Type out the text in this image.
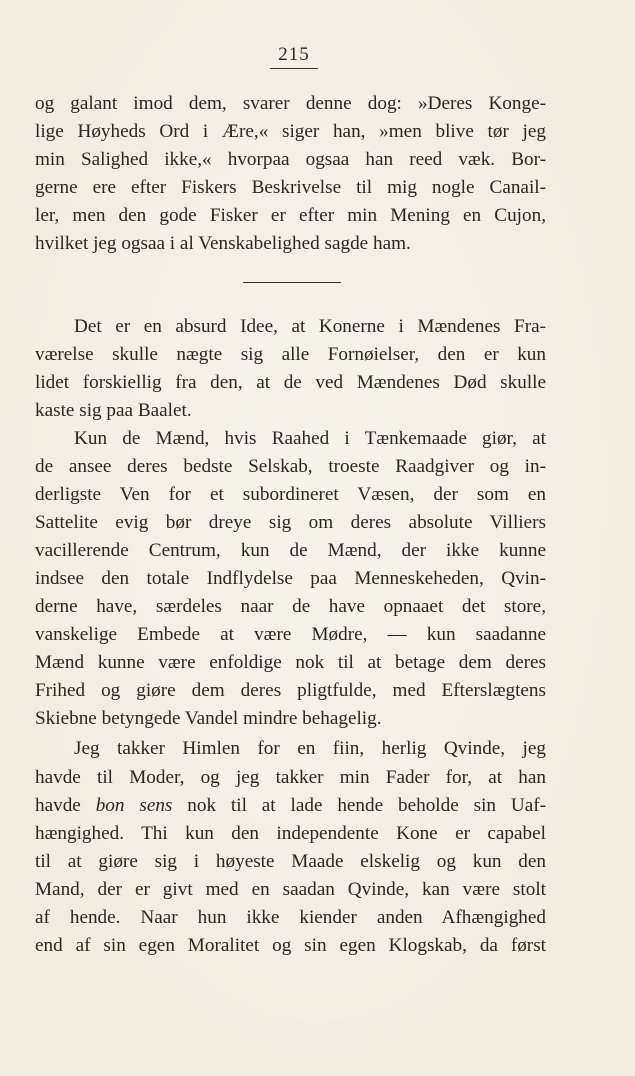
215
og galant imod dem, svarer denne dog: »Deres Konge-
lige Høyheds Ord i Ære,« siger han, »men blive tør jeg
min Salighed ikke,« hvorpaa ogsaa han reed væk. Bor-
gerne ere efter Fiskers Beskrivelse til mig nogle Canail-
ler, men den gode Fisker er efter min Mening en Cujon,
hvilket jeg ogsaa i al Venskabelighed sagde ham.
Det er en absurd Idee, at Konerne i Mændenes Fra-
værelse skulle nægte sig alle Fornøielser, den er kun
lidet forskiellig fra den, at de ved Mændenes Død skulle
kaste sig paa Baalet.
Kun de Mænd, hvis Raahed i Tænkemaade giør, at
de ansee deres bedste Selskab, troeste Raadgiver og in-
derligste Ven for et subordineret Væsen, der som en
Sattelite evig bør dreye sig om deres absolute Villiers
vacillerende Centrum, kun de Mænd, der ikke kunne
indsee den totale Indflydelse paa Menneskeheden, Qvin-
derne have, særdeles naar de have opnaaet det store,
vanskelige Embede at være Mødre, — kun saadanne
Mænd kunne være enfoldige nok til at betage dem deres
Frihed og giøre dem deres pligtfulde, med Efterslægtens
Skiebne betyngede Vandel mindre behagelig.
Jeg takker Himlen for en fiin, herlig Qvinde, jeg
havde til Moder, og jeg takker min Fader for, at han
havde bon sens nok til at lade hende beholde sin Uaf-
hængighed. Thi kun den independente Kone er capabel
til at giøre sig i høyeste Maade elskelig og kun den
Mand, der er givt med en saadan Qvinde, kan være stolt
af hende. Naar hun ikke kiender anden Afhængighed
end af sin egen Moralitet og sin egen Klogskab, da først
